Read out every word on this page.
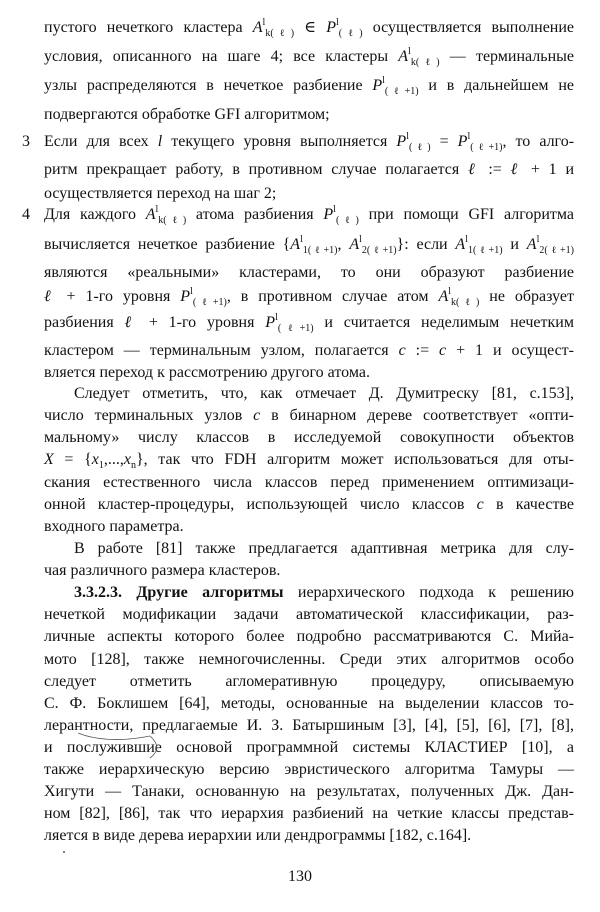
пустого нечеткого кластера $A^l_{k(\ell)}$ ∈ $P^l_{(\ell)}$ осуществляется выполнение
условия, описанного на шаге 4; все кластеры $A^l_{k(\ell)}$ — терминальные
узлы распределяются в нечеткое разбиение $P^l_{(\ell+1)}$ и в дальнейшем не
подвергаются обработке GFI алгоритмом;
3 Если для всех l текущего уровня выполняется $P^l_{(\ell)} = P^l_{(\ell+1)}$, то алго-
ритм прекращает работу, в противном случае полагается ℓ := ℓ + 1 и
осуществляется переход на шаг 2;
4 Для каждого $A^l_{k(\ell)}$ атома разбиения $P^l_{(\ell)}$ при помощи GFI алгоритма
вычисляется нечеткое разбиение {$A^l_{1(\ell+1)}$, $A^l_{2(\ell+1)}$}: если $A^l_{1(\ell+1)}$ и $A^l_{2(\ell+1)}$
являются «реальными» кластерами, то они образуют разбиение
ℓ + 1-го уровня $P^l_{(\ell+1)}$, в противном случае атом $A^l_{k(\ell)}$ не образует
разбиения ℓ + 1-го уровня $P^l_{(\ell+1)}$ и считается неделимым нечетким
кластером — терминальным узлом, полагается c := c + 1 и осущест-
вляется переход к рассмотрению другого атома.
Следует отметить, что, как отмечает Д. Думитреску [81, с.153],
число терминальных узлов c в бинарном дереве соответствует «опти-
мальному» числу классов в исследуемой совокупности объектов
$X = \{x_1,...,x_n\}$, так что FDH алгоритм может использоваться для оты-
скания естественного числа классов перед применением оптимизаци-
онной кластер-процедуры, использующей число классов c в качестве
входного параметра.
В работе [81] также предлагается адаптивная метрика для слу-
чая различного размера кластеров.
3.3.2.3. Другие алгоритмы иерархического подхода к решению
нечеткой модификации задачи автоматической классификации, раз-
личные аспекты которого более подробно рассматриваются С. Мийа-
мото [128], также немногочисленны. Среди этих алгоритмов особо
следует отметить агломеративную процедуру, описываемую
С. Ф. Боклишем [64], методы, основанные на выделении классов то-
лерантности, предлагаемые И. З. Батыршиным [3], [4], [5], [6], [7], [8],
и послужившие основой программной системы КЛАСТИЕР [10], а
также иерархическую версию эвристического алгоритма Тамуры —
Хигути — Танаки, основанную на результатах, полученных Дж. Дан-
ном [82], [86], так что иерархия разбиений на четкие классы представ-
ляется в виде дерева иерархии или дендрограммы [182, с.164].
130
